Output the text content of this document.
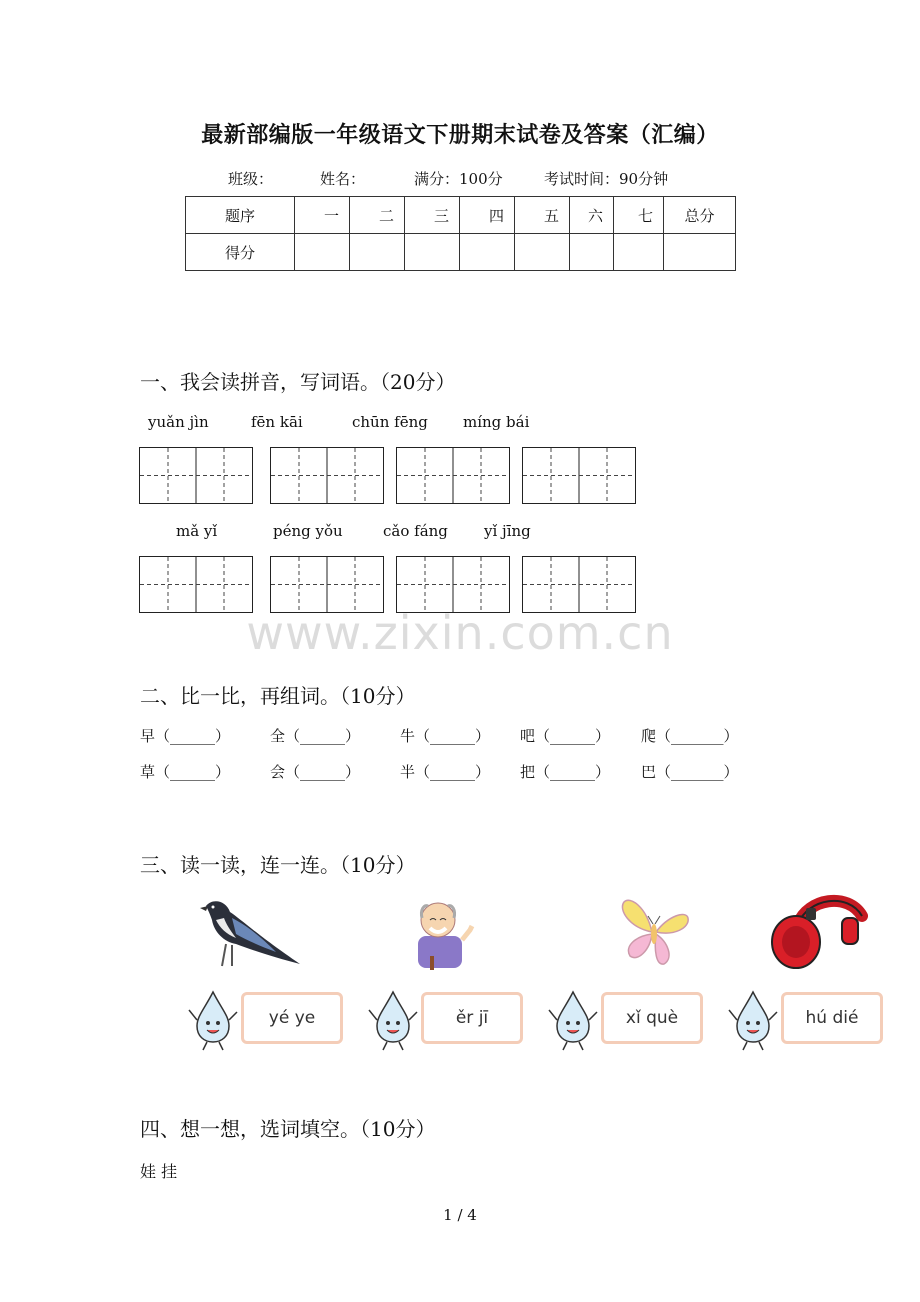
最新部编版一年级语文下册期末试卷及答案（汇编）
班级：	姓名：	满分：100分	考试时间：90分钟
题序	一	二	三	四	五	六	七	总分
得分								
一、我会读拼音，写词语。（20分）
yuǎn jìn	fēn kāi	chūn fēng míng bái
mǎ yǐ	péng yǒu	cǎo fáng yǐ jīng
www.zixin.com.cn
二、比一比，再组词。（10分）
早（______）	全（______）	牛（______） 吧（______） 爬（_______）
草（______）	会（______）	半（______） 把（______） 巴（_______）
三、读一读，连一连。（10分）
yé ye	ěr jī	xǐ què	hú dié
四、想一想，选词填空。（10分）
娃 挂
1 / 4
